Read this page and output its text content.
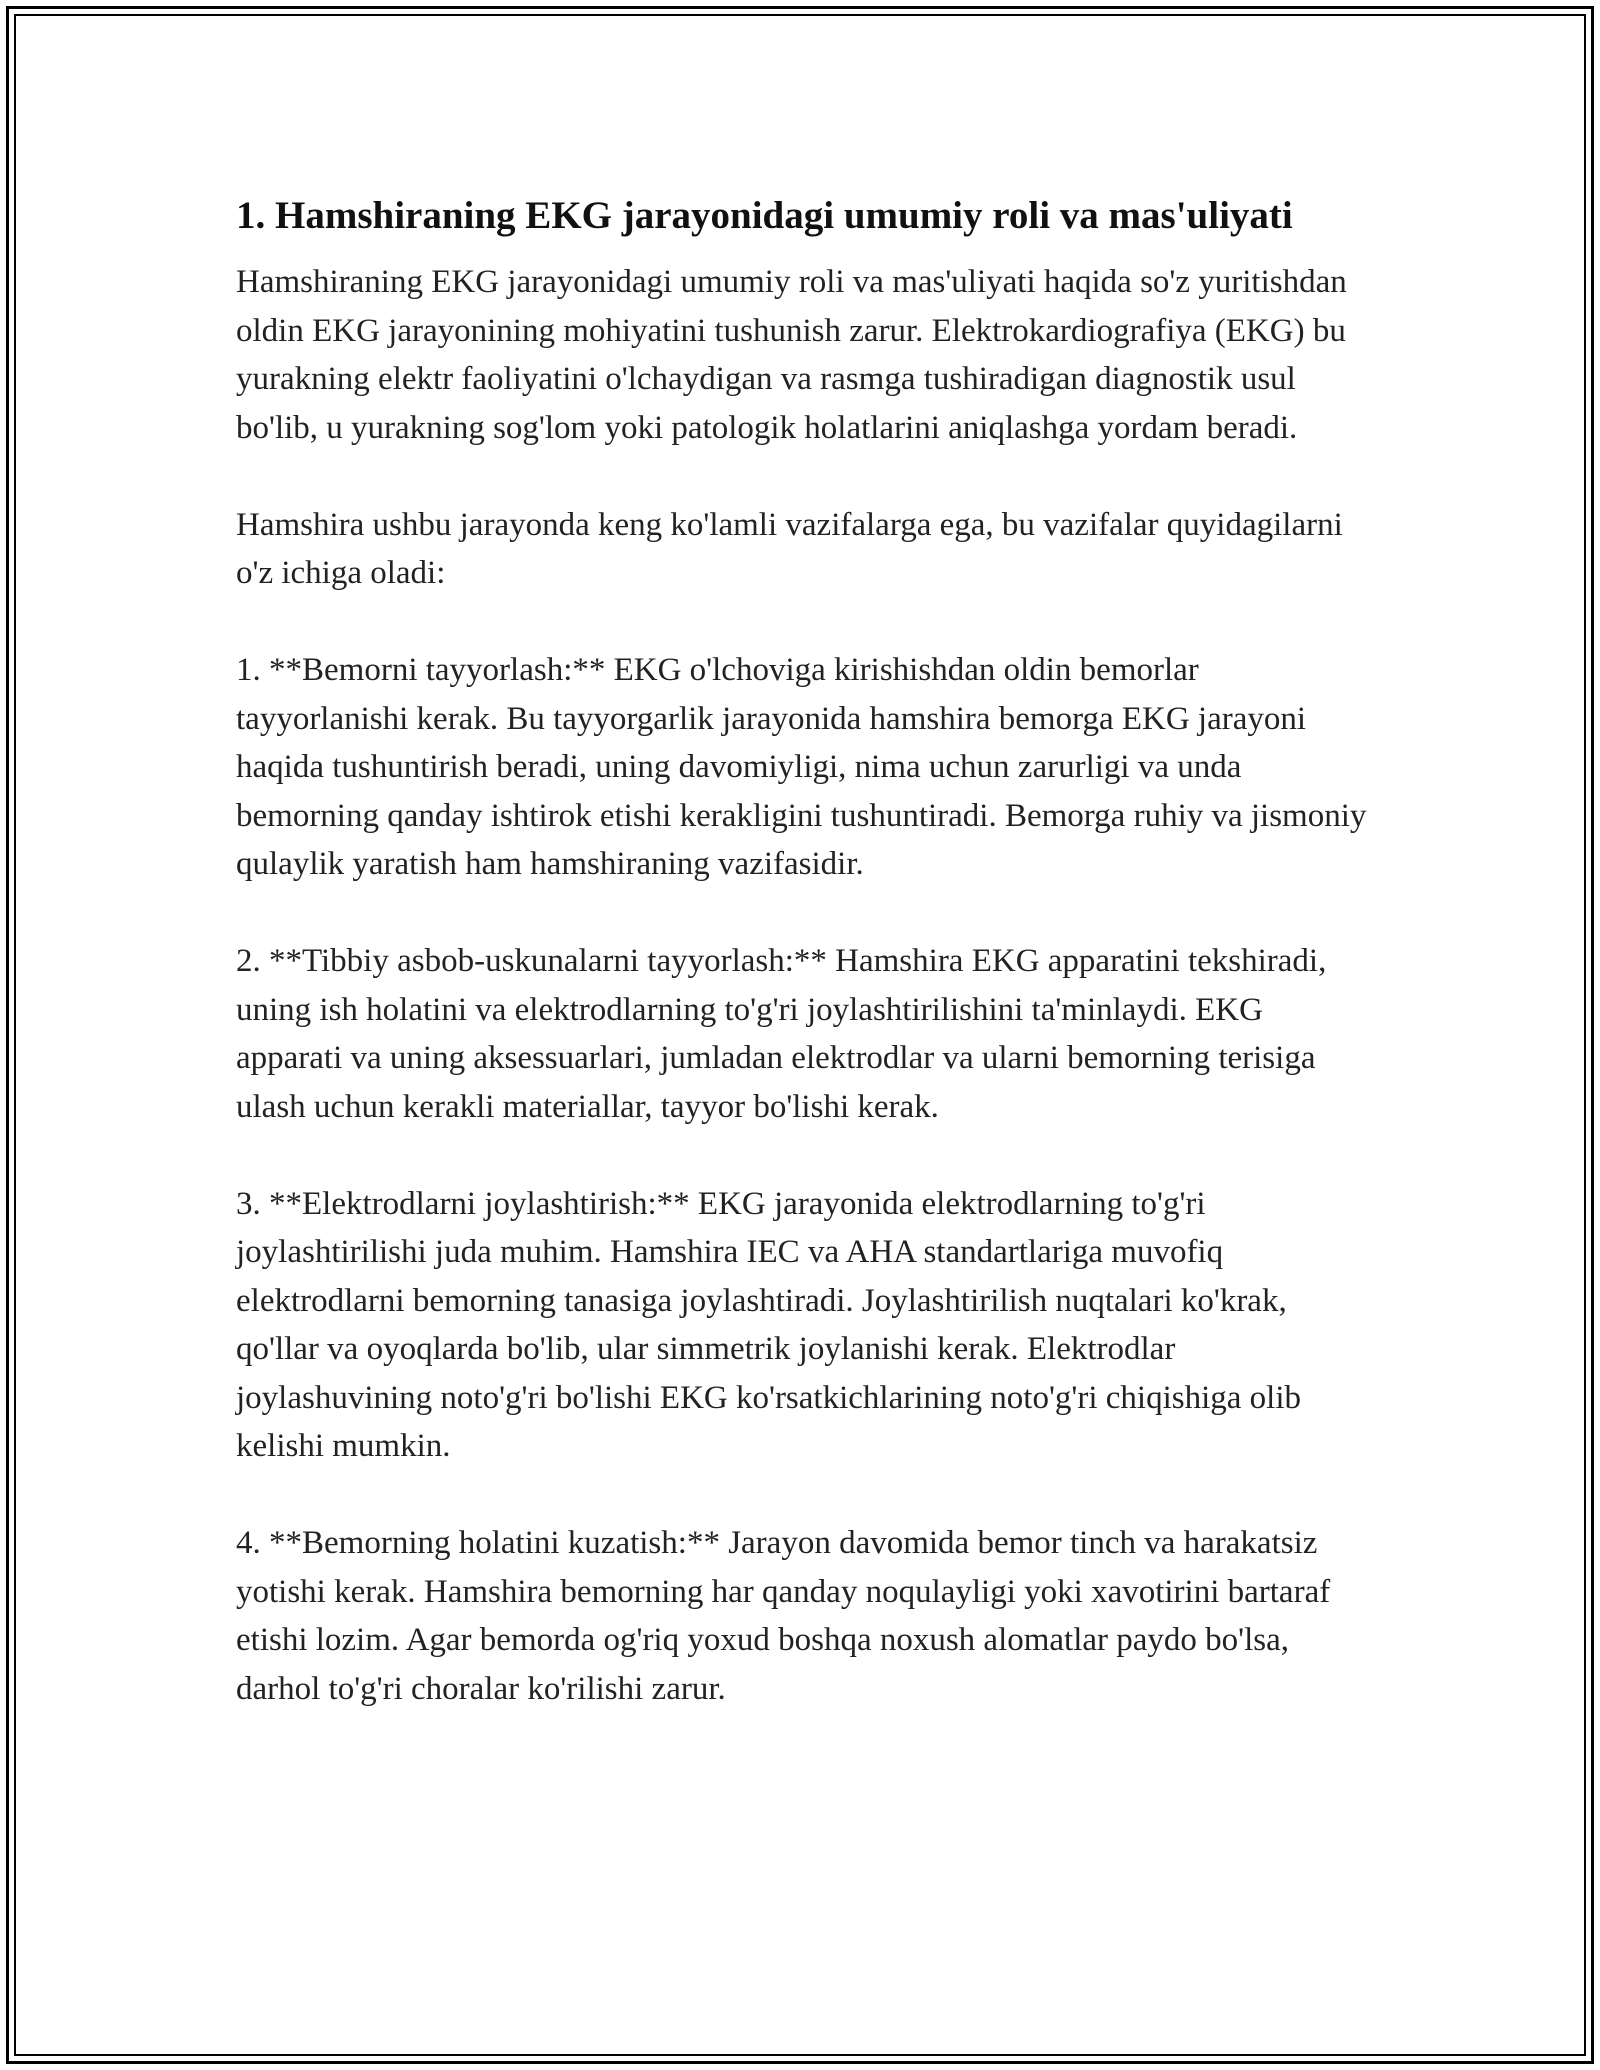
1. Hamshiraning EKG jarayonidagi umumiy roli va mas'uliyati

Hamshiraning EKG jarayonidagi umumiy roli va mas'uliyati haqida so'z yuritishdan oldin EKG jarayonining mohiyatini tushunish zarur. Elektrokardiografiya (EKG) bu yurakning elektr faoliyatini o'lchaydigan va rasmga tushiradigan diagnostik usul bo'lib, u yurakning sog'lom yoki patologik holatlarini aniqlashga yordam beradi.

Hamshira ushbu jarayonda keng ko'lamli vazifalarga ega, bu vazifalar quyidagilarni o'z ichiga oladi:

1. **Bemorni tayyorlash:** EKG o'lchoviga kirishishdan oldin bemorlar tayyorlanishi kerak. Bu tayyorgarlik jarayonida hamshira bemorga EKG jarayoni haqida tushuntirish beradi, uning davomiyligi, nima uchun zarurligi va unda bemorning qanday ishtirok etishi kerakligini tushuntiradi. Bemorga ruhiy va jismoniy qulaylik yaratish ham hamshiraning vazifasidir.

2. **Tibbiy asbob-uskunalarni tayyorlash:** Hamshira EKG apparatini tekshiradi, uning ish holatini va elektrodlarning to'g'ri joylashtirilishini ta'minlaydi. EKG apparati va uning aksessuarlari, jumladan elektrodlar va ularni bemorning terisiga ulash uchun kerakli materiallar, tayyor bo'lishi kerak.

3. **Elektrodlarni joylashtirish:** EKG jarayonida elektrodlarning to'g'ri joylashtirilishi juda muhim. Hamshira IEC va AHA standartlariga muvofiq elektrodlarni bemorning tanasiga joylashtiradi. Joylashtirilish nuqtalari ko'krak, qo'llar va oyoqlarda bo'lib, ular simmetrik joylanishi kerak. Elektrodlar joylashuvining noto'g'ri bo'lishi EKG ko'rsatkichlarining noto'g'ri chiqishiga olib kelishi mumkin.

4. **Bemorning holatini kuzatish:** Jarayon davomida bemor tinch va harakatsiz yotishi kerak. Hamshira bemorning har qanday noqulayligi yoki xavotirini bartaraf etishi lozim. Agar bemorda og'riq yoxud boshqa noxush alomatlar paydo bo'lsa, darhol to'g'ri choralar ko'rilishi zarur.
